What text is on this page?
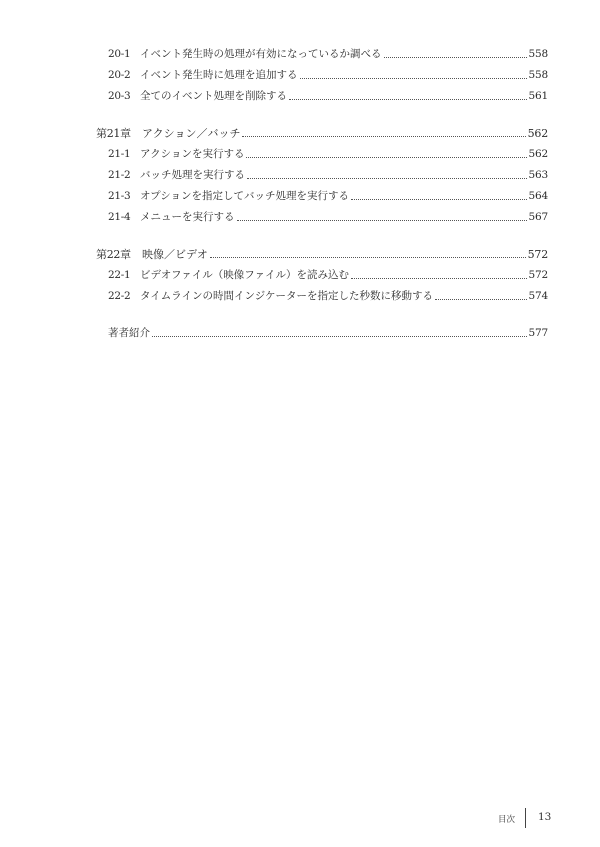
20-1 イベント発生時の処理が有効になっているか調べる	558
20-2 イベント発生時に処理を追加する	558
20-3 全てのイベント処理を削除する	561
第21章	アクション／バッチ	562
21-1 アクションを実行する	562
21-2 バッチ処理を実行する	563
21-3 オプションを指定してバッチ処理を実行する	564
21-4 メニューを実行する	567
第22章	映像／ビデオ	572
22-1 ビデオファイル（映像ファイル）を読み込む	572
22-2 タイムラインの時間インジケーターを指定した秒数に移動する	574
著者紹介	577
目次 13
